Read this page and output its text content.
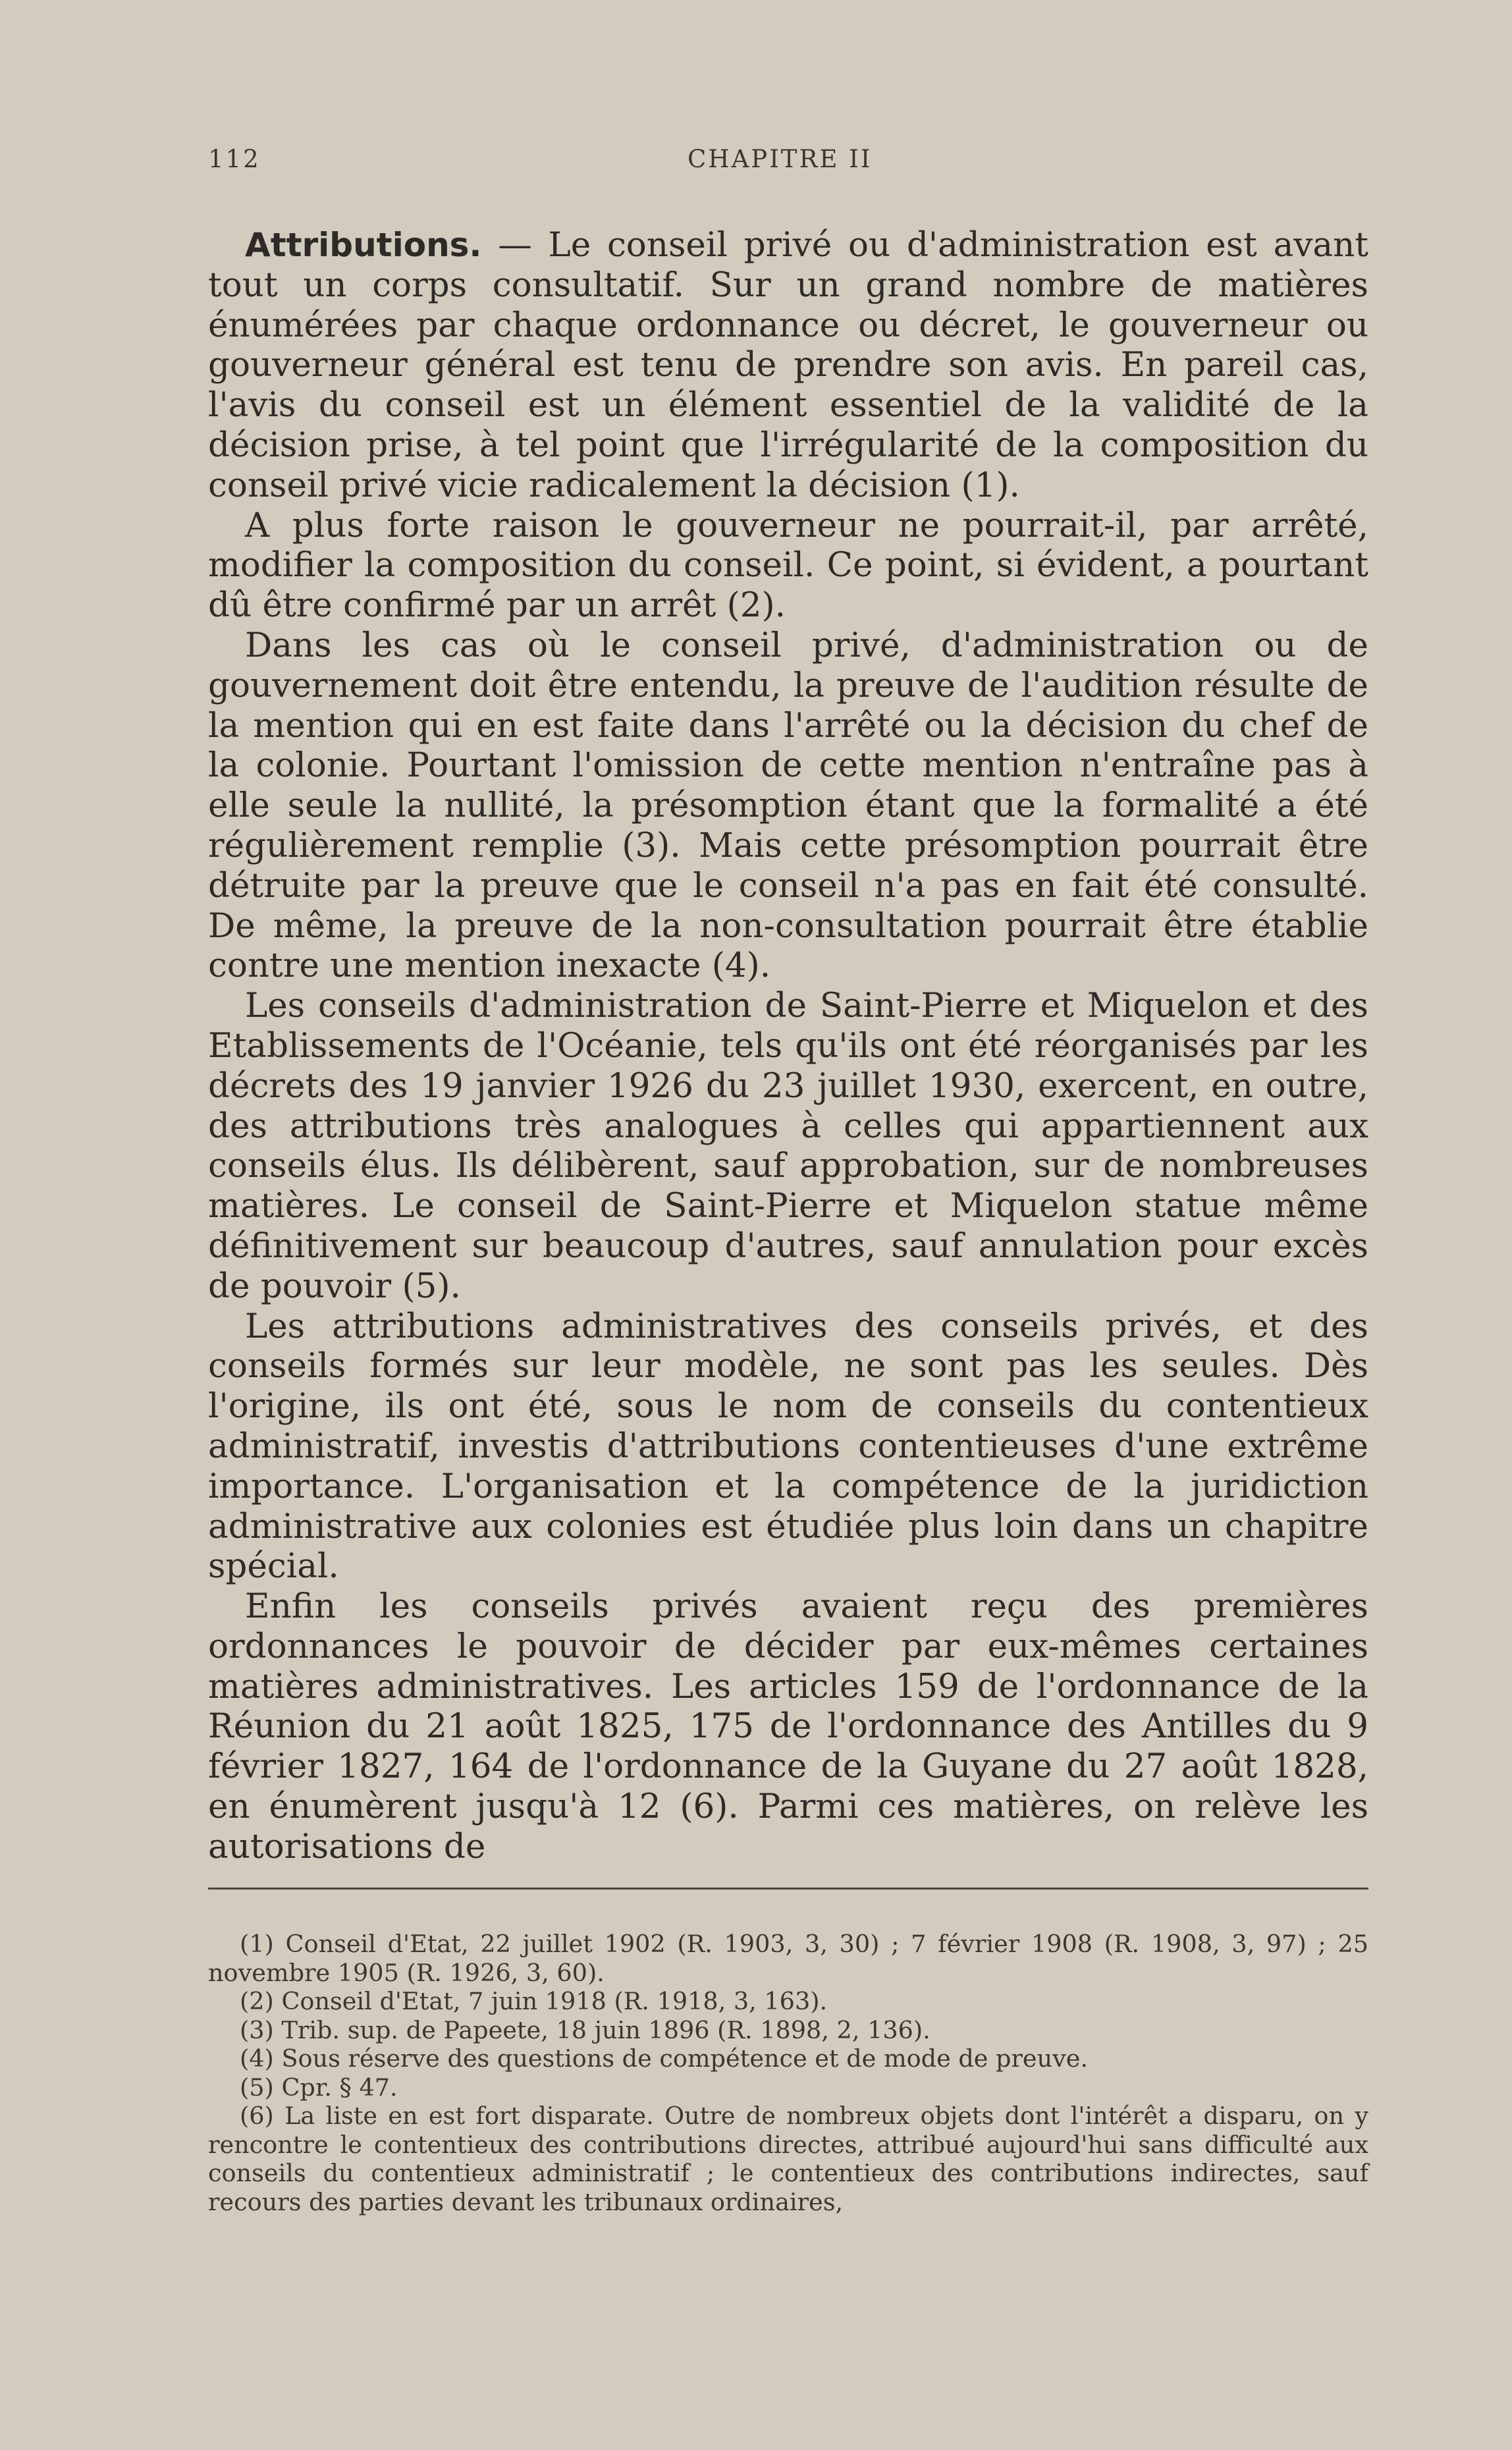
112	CHAPITRE II

Attributions. — Le conseil privé ou d'administration est avant tout un corps consultatif. Sur un grand nombre de matières énumérées par chaque ordonnance ou décret, le gouverneur ou gouverneur général est tenu de prendre son avis. En pareil cas, l'avis du conseil est un élément essentiel de la validité de la décision prise, à tel point que l'irrégularité de la composition du conseil privé vicie radicalement la décision (1).

A plus forte raison le gouverneur ne pourrait-il, par arrêté, modifier la composition du conseil. Ce point, si évident, a pourtant dû être confirmé par un arrêt (2).

Dans les cas où le conseil privé, d'administration ou de gouvernement doit être entendu, la preuve de l'audition résulte de la mention qui en est faite dans l'arrêté ou la décision du chef de la colonie. Pourtant l'omission de cette mention n'entraîne pas à elle seule la nullité, la présomption étant que la formalité a été régulièrement remplie (3). Mais cette présomption pourrait être détruite par la preuve que le conseil n'a pas en fait été consulté. De même, la preuve de la non-consultation pourrait être établie contre une mention inexacte (4).

Les conseils d'administration de Saint-Pierre et Miquelon et des Etablissements de l'Océanie, tels qu'ils ont été réorganisés par les décrets des 19 janvier 1926 du 23 juillet 1930, exercent, en outre, des attributions très analogues à celles qui appartiennent aux conseils élus. Ils délibèrent, sauf approbation, sur de nombreuses matières. Le conseil de Saint-Pierre et Miquelon statue même définitivement sur beaucoup d'autres, sauf annulation pour excès de pouvoir (5).

Les attributions administratives des conseils privés, et des conseils formés sur leur modèle, ne sont pas les seules. Dès l'origine, ils ont été, sous le nom de conseils du contentieux administratif, investis d'attributions contentieuses d'une extrême importance. L'organisation et la compétence de la juridiction administrative aux colonies est étudiée plus loin dans un chapitre spécial.

Enfin les conseils privés avaient reçu des premières ordonnances le pouvoir de décider par eux-mêmes certaines matières administratives. Les articles 159 de l'ordonnance de la Réunion du 21 août 1825, 175 de l'ordonnance des Antilles du 9 février 1827, 164 de l'ordonnance de la Guyane du 27 août 1828, en énumèrent jusqu'à 12 (6). Parmi ces matières, on relève les autorisations de

(1) Conseil d'Etat, 22 juillet 1902 (R. 1903, 3, 30) ; 7 février 1908 (R. 1908, 3, 97) ; 25 novembre 1905 (R. 1926, 3, 60).

(2) Conseil d'Etat, 7 juin 1918 (R. 1918, 3, 163).

(3) Trib. sup. de Papeete, 18 juin 1896 (R. 1898, 2, 136).

(4) Sous réserve des questions de compétence et de mode de preuve.

(5) Cpr. § 47.

(6) La liste en est fort disparate. Outre de nombreux objets dont l'intérêt a disparu, on y rencontre le contentieux des contributions directes, attribué aujourd'hui sans difficulté aux conseils du contentieux administratif ; le contentieux des contributions indirectes, sauf recours des parties devant les tribunaux ordinaires,
